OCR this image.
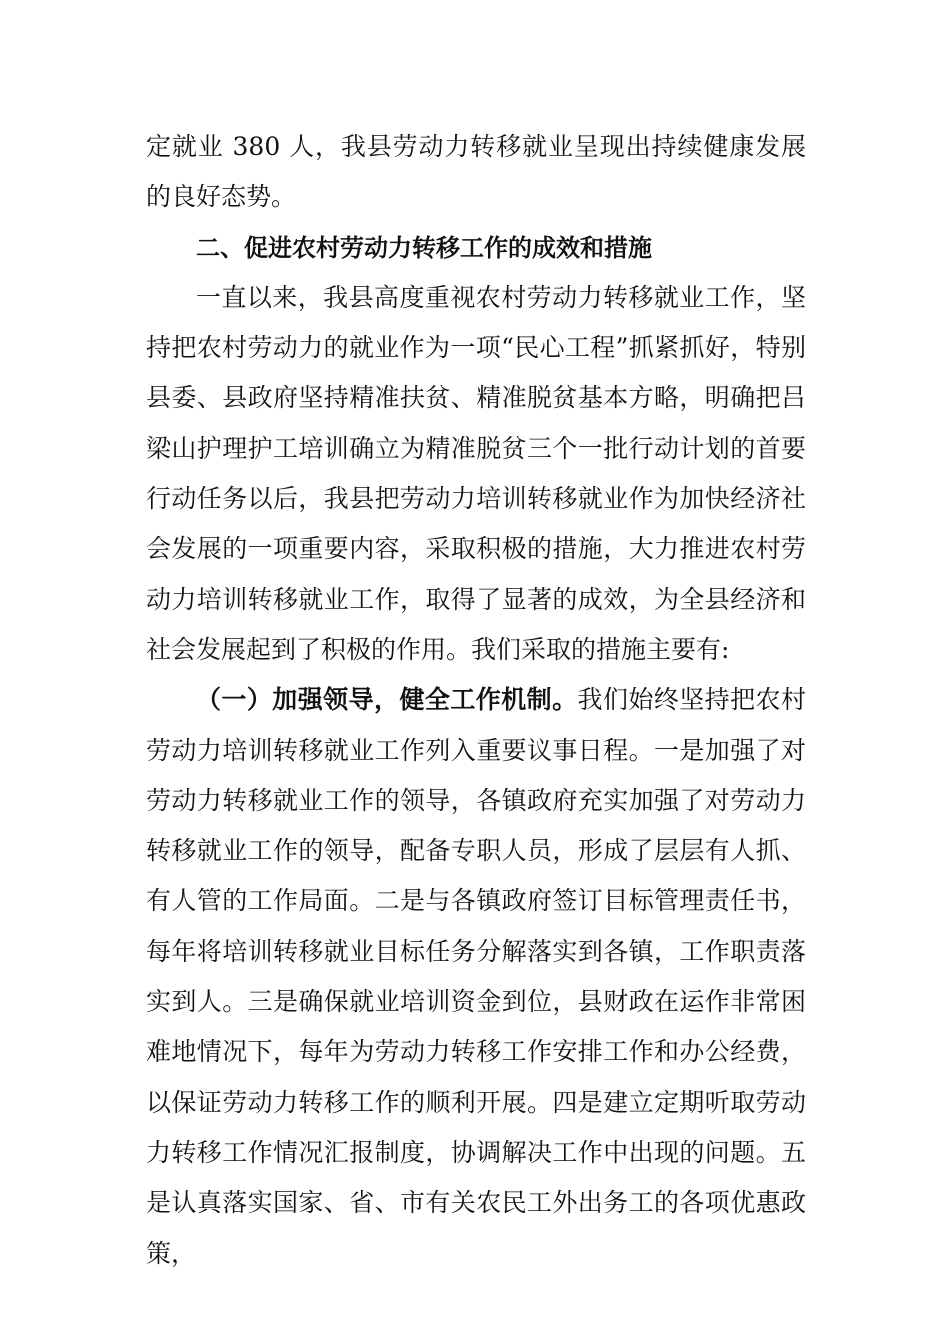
定就业 380 人，我县劳动力转移就业呈现出持续健康发展的良好态势。

二、促进农村劳动力转移工作的成效和措施

一直以来，我县高度重视农村劳动力转移就业工作，坚持把农村劳动力的就业作为一项“民心工程”抓紧抓好，特别县委、县政府坚持精准扶贫、精准脱贫基本方略，明确把吕梁山护理护工培训确立为精准脱贫三个一批行动计划的首要行动任务以后，我县把劳动力培训转移就业作为加快经济社会发展的一项重要内容，采取积极的措施，大力推进农村劳动力培训转移就业工作，取得了显著的成效，为全县经济和社会发展起到了积极的作用。我们采取的措施主要有:

（一）加强领导，健全工作机制。我们始终坚持把农村劳动力培训转移就业工作列入重要议事日程。一是加强了对劳动力转移就业工作的领导，各镇政府充实加强了对劳动力转移就业工作的领导，配备专职人员，形成了层层有人抓、有人管的工作局面。二是与各镇政府签订目标管理责任书，每年将培训转移就业目标任务分解落实到各镇，工作职责落实到人。三是确保就业培训资金到位，县财政在运作非常困难地情况下，每年为劳动力转移工作安排工作和办公经费，以保证劳动力转移工作的顺利开展。四是建立定期听取劳动力转移工作情况汇报制度，协调解决工作中出现的问题。五是认真落实国家、省、市有关农民工外出务工的各项优惠政策，
